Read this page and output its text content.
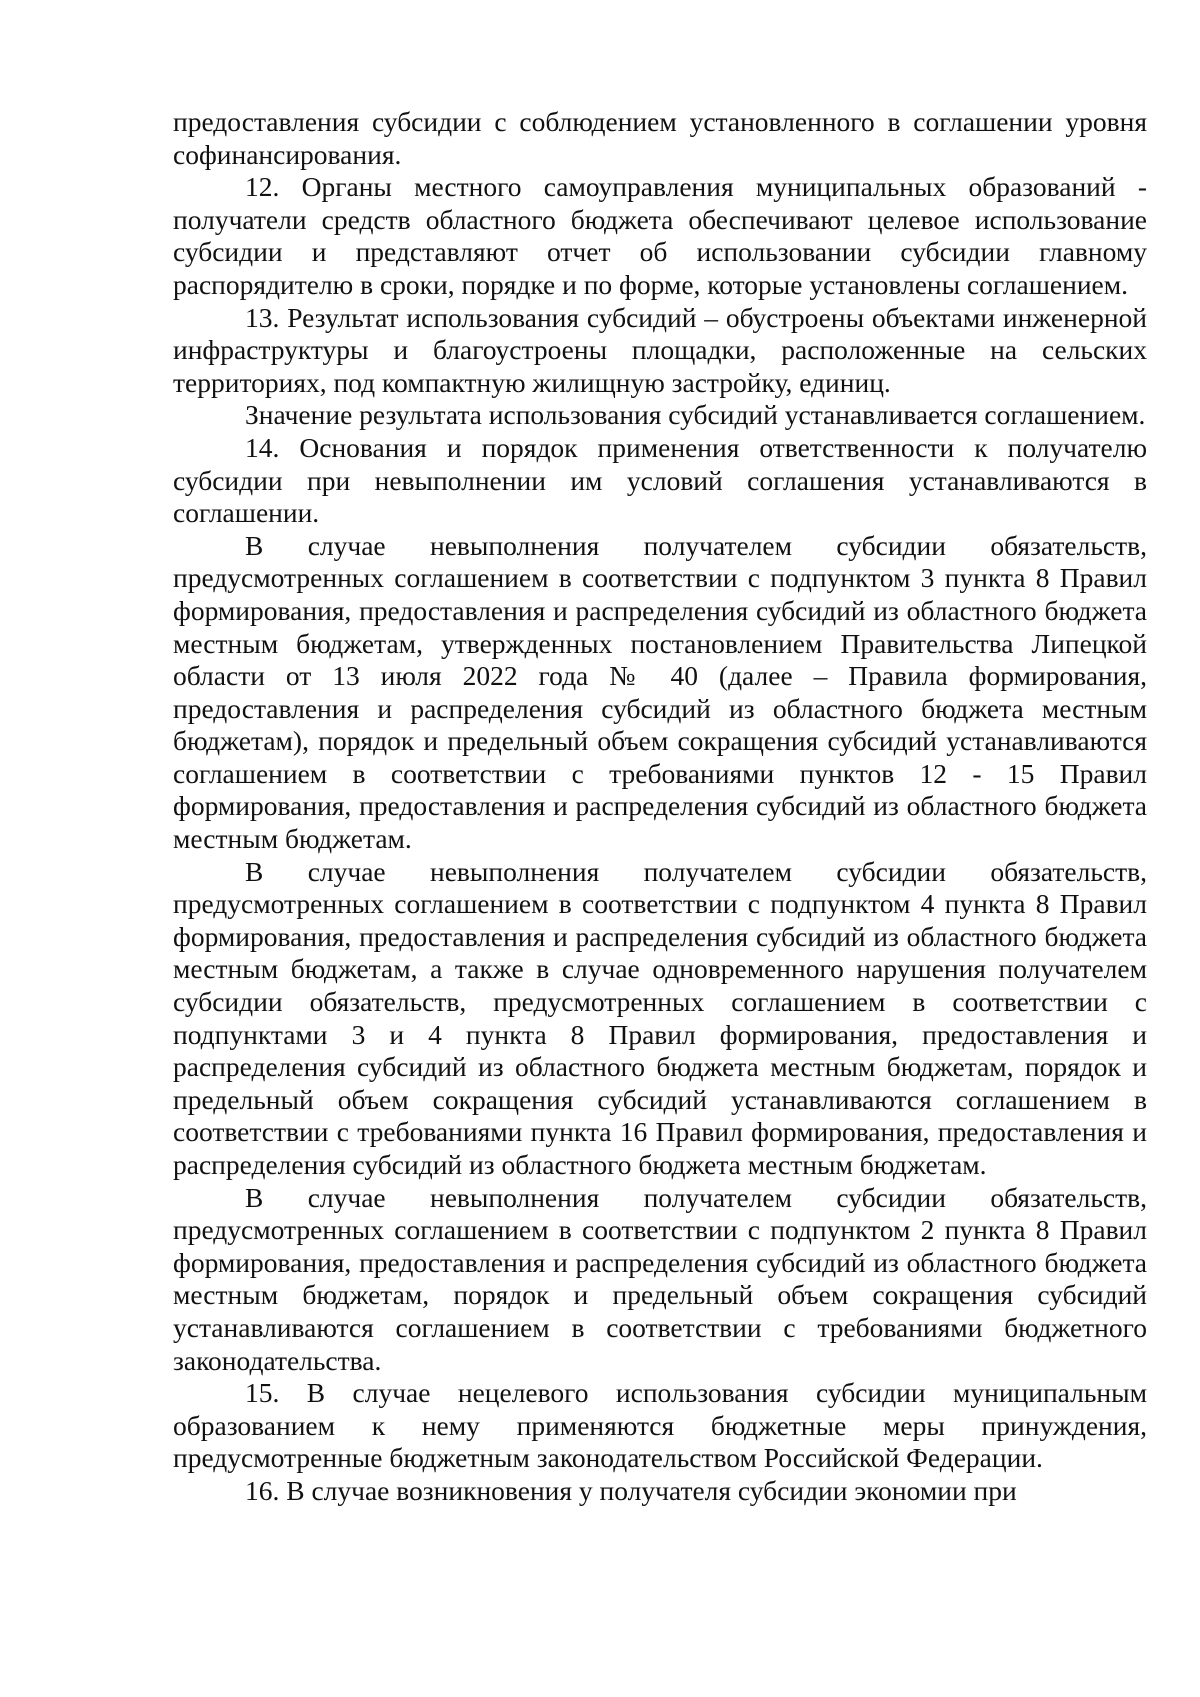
предоставления субсидии с соблюдением установленного в соглашении уровня софинансирования.

12. Органы местного самоуправления муниципальных образований - получатели средств областного бюджета обеспечивают целевое использование субсидии и представляют отчет об использовании субсидии главному распорядителю в сроки, порядке и по форме, которые установлены соглашением.

13. Результат использования субсидий – обустроены объектами инженерной инфраструктуры и благоустроены площадки, расположенные на сельских территориях, под компактную жилищную застройку, единиц.

Значение результата использования субсидий устанавливается соглашением.

14. Основания и порядок применения ответственности к получателю субсидии при невыполнении им условий соглашения устанавливаются в соглашении.

В случае невыполнения получателем субсидии обязательств, предусмотренных соглашением в соответствии с подпунктом 3 пункта 8 Правил формирования, предоставления и распределения субсидий из областного бюджета местным бюджетам, утвержденных постановлением Правительства Липецкой области от 13 июля 2022 года № 40 (далее – Правила формирования, предоставления и распределения субсидий из областного бюджета местным бюджетам), порядок и предельный объем сокращения субсидий устанавливаются соглашением в соответствии с требованиями пунктов 12 - 15 Правил формирования, предоставления и распределения субсидий из областного бюджета местным бюджетам.

В случае невыполнения получателем субсидии обязательств, предусмотренных соглашением в соответствии с подпунктом 4 пункта 8 Правил формирования, предоставления и распределения субсидий из областного бюджета местным бюджетам, а также в случае одновременного нарушения получателем субсидии обязательств, предусмотренных соглашением в соответствии с подпунктами 3 и 4 пункта 8 Правил формирования, предоставления и распределения субсидий из областного бюджета местным бюджетам, порядок и предельный объем сокращения субсидий устанавливаются соглашением в соответствии с требованиями пункта 16 Правил формирования, предоставления и распределения субсидий из областного бюджета местным бюджетам.

В случае невыполнения получателем субсидии обязательств, предусмотренных соглашением в соответствии с подпунктом 2 пункта 8 Правил формирования, предоставления и распределения субсидий из областного бюджета местным бюджетам, порядок и предельный объем сокращения субсидий устанавливаются соглашением в соответствии с требованиями бюджетного законодательства.

15. В случае нецелевого использования субсидии муниципальным образованием к нему применяются бюджетные меры принуждения, предусмотренные бюджетным законодательством Российской Федерации.

16. В случае возникновения у получателя субсидии экономии при
